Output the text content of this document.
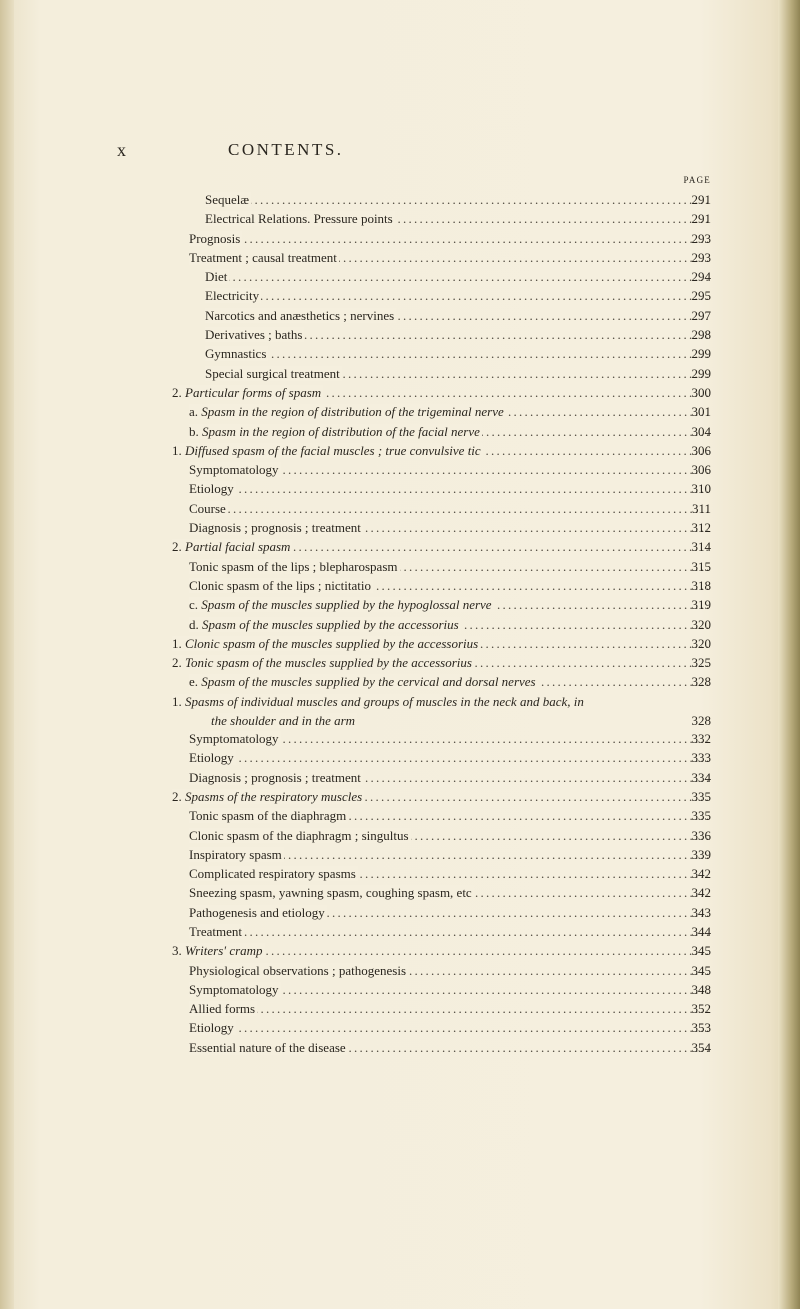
x	CONTENTS.
PAGE
Sequelæ . . .	291
Electrical Relations. Pressure points . . .	291
Prognosis . . .	293
Treatment ; causal treatment . . .	293
Diet . . .	294
Electricity . . .	295
Narcotics and anæsthetics ; nervines . . .	297
Derivatives ; baths . . .	298
Gymnastics . . .	299
Special surgical treatment . . .	299
2. Particular forms of spasm . . .	300
a. Spasm in the region of distribution of the trigeminal nerve . . .	301
b. Spasm in the region of distribution of the facial nerve . . .	304
1. Diffused spasm of the facial muscles ; true convulsive tic . . .	306
Symptomatology . . .	306
Etiology . . .	310
Course . . .	311
Diagnosis ; prognosis ; treatment . . .	312
2. Partial facial spasm . . .	314
Tonic spasm of the lips ; blepharospasm . . .	315
Clonic spasm of the lips ; nictitatio . . .	318
c. Spasm of the muscles supplied by the hypoglossal nerve . . .	319
d. Spasm of the muscles supplied by the accessorius . . .	320
1. Clonic spasm of the muscles supplied by the accessorius . . .	320
2. Tonic spasm of the muscles supplied by the accessorius . . .	325
e. Spasm of the muscles supplied by the cervical and dorsal nerves . . .	328
1. Spasms of individual muscles and groups of muscles in the neck and back, in
the shoulder and in the arm	328
Symptomatology . . .	332
Etiology . . .	333
Diagnosis ; prognosis ; treatment . . .	334
2. Spasms of the respiratory muscles . . .	335
Tonic spasm of the diaphragm . . .	335
Clonic spasm of the diaphragm ; singultus . . .	336
Inspiratory spasm . . .	339
Complicated respiratory spasms . . .	342
Sneezing spasm, yawning spasm, coughing spasm, etc . . .	342
Pathogenesis and etiology . . .	343
Treatment . . .	344
3. Writers' cramp . . .	345
Physiological observations ; pathogenesis . . .	345
Symptomatology . . .	348
Allied forms . . .	352
Etiology . . .	353
Essential nature of the disease . . .	354
